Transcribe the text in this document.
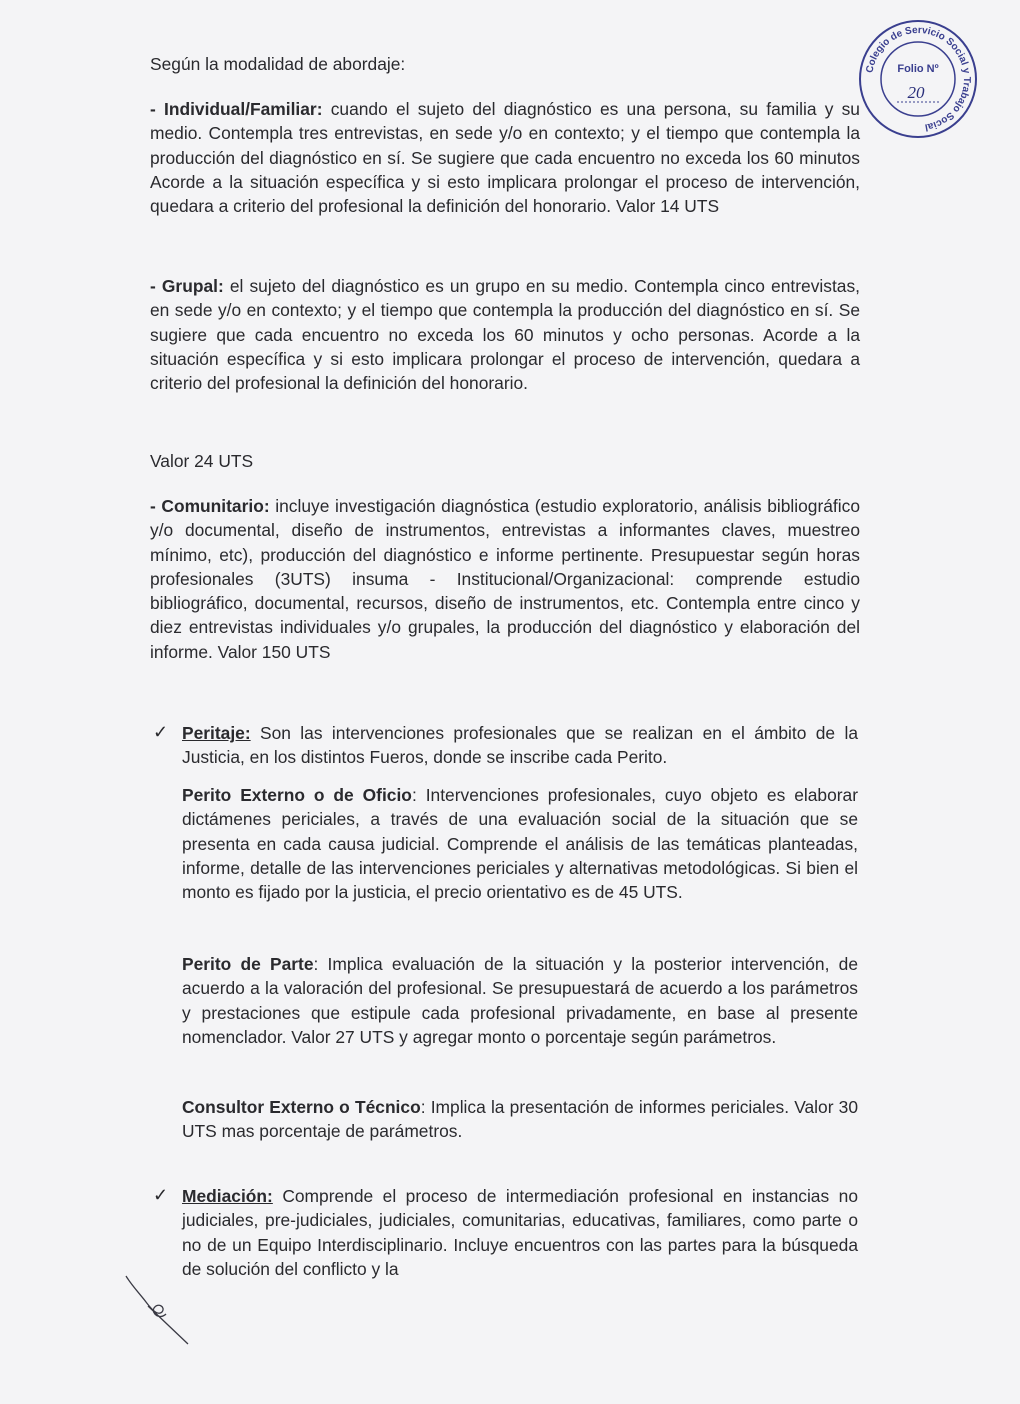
Según la modalidad de abordaje:

- Individual/Familiar: cuando el sujeto del diagnóstico es una persona, su familia y su medio. Contempla tres entrevistas, en sede y/o en contexto; y el tiempo que contempla la producción del diagnóstico en sí. Se sugiere que cada encuentro no exceda los 60 minutos Acorde a la situación específica y si esto implicara prolongar el proceso de intervención, quedara a criterio del profesional la definición del honorario. Valor 14 UTS

- Grupal: el sujeto del diagnóstico es un grupo en su medio. Contempla cinco entrevistas, en sede y/o en contexto; y el tiempo que contempla la producción del diagnóstico en sí. Se sugiere que cada encuentro no exceda los 60 minutos y ocho personas. Acorde a la situación específica y si esto implicara prolongar el proceso de intervención, quedara a criterio del profesional la definición del honorario.

Valor 24 UTS

- Comunitario: incluye investigación diagnóstica (estudio exploratorio, análisis bibliográfico y/o documental, diseño de instrumentos, entrevistas a informantes claves, muestreo mínimo, etc), producción del diagnóstico e informe pertinente. Presupuestar según horas profesionales (3UTS) insuma - Institucional/Organizacional: comprende estudio bibliográfico, documental, recursos, diseño de instrumentos, etc. Contempla entre cinco y diez entrevistas individuales y/o grupales, la producción del diagnóstico y elaboración del informe. Valor 150 UTS

✓ Peritaje: Son las intervenciones profesionales que se realizan en el ámbito de la Justicia, en los distintos Fueros, donde se inscribe cada Perito.

Perito Externo o de Oficio: Intervenciones profesionales, cuyo objeto es elaborar dictámenes periciales, a través de una evaluación social de la situación que se presenta en cada causa judicial. Comprende el análisis de las temáticas planteadas, informe, detalle de las intervenciones periciales y alternativas metodológicas. Si bien el monto es fijado por la justicia, el precio orientativo es de 45 UTS.

Perito de Parte: Implica evaluación de la situación y la posterior intervención, de acuerdo a la valoración del profesional. Se presupuestará de acuerdo a los parámetros y prestaciones que estipule cada profesional privadamente, en base al presente nomenclador. Valor 27 UTS y agregar monto o porcentaje según parámetros.

Consultor Externo o Técnico: Implica la presentación de informes periciales. Valor 30 UTS mas porcentaje de parámetros.

✓ Mediación: Comprende el proceso de intermediación profesional en instancias no judiciales, pre-judiciales, judiciales, comunitarias, educativas, familiares, como parte o no de un Equipo Interdisciplinario. Incluye encuentros con las partes para la búsqueda de solución del conflicto y la

Colegio de Servicio Social y Trabajo Social
Folio Nº
20
